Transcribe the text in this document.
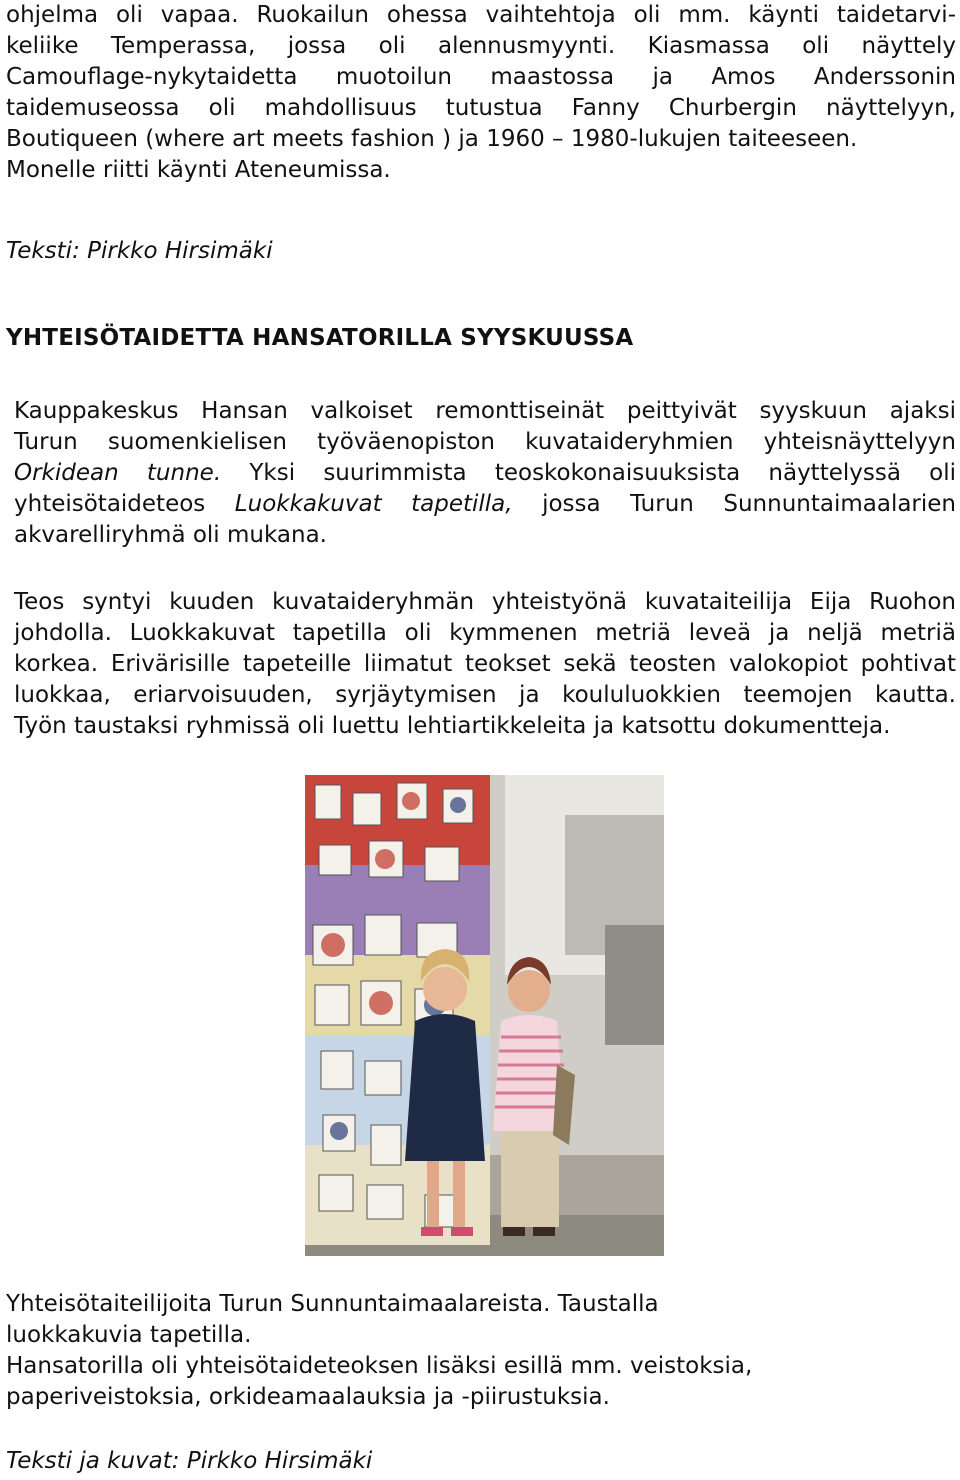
ohjelma oli vapaa. Ruokailun ohessa vaihtehtoja oli mm. käynti taidetarvi-
keliike Temperassa, jossa oli alennusmyynti. Kiasmassa oli näyttely
Camouflage-nykytaidetta muotoilun maastossa ja Amos Anderssonin
taidemuseossa oli mahdollisuus tutustua Fanny Churbergin näyttelyyn,
Boutiqueen (where art meets fashion ) ja 1960 – 1980-lukujen taiteeseen.
Monelle riitti käynti Ateneumissa.
Teksti: Pirkko Hirsimäki
YHTEISÖTAIDETTA HANSATORILLA SYYSKUUSSA
Kauppakeskus Hansan valkoiset remonttiseinät peittyivät syyskuun ajaksi
Turun suomenkielisen työväenopiston kuvataideryhmien yhteisnäyttelyyn
Orkidean tunne. Yksi suurimmista teoskokonaisuuksista näyttelyssä oli
yhteisötaideteos Luokkakuvat tapetilla, jossa Turun Sunnuntaimaalarien
akvarelliryhmä oli mukana.
Teos syntyi kuuden kuvataideryhmän yhteistyönä kuvataiteilija Eija Ruohon
johdolla. Luokkakuvat tapetilla oli kymmenen metriä leveä ja neljä metriä
korkea. Erivärisille tapeteille liimatut teokset sekä teosten valokopiot pohtivat
luokkaa, eriarvoisuuden, syrjäytymisen ja koululuokkien teemojen kautta.
Työn taustaksi ryhmissä oli luettu lehtiartikkeleita ja katsottu dokumentteja.
Yhteisötaiteilijoita Turun Sunnuntaimaalareista. Taustalla
luokkakuvia tapetilla.
Hansatorilla oli yhteisötaideteoksen lisäksi esillä mm. veistoksia,
paperiveistoksia, orkideamaalauksia ja -piirustuksia.
Teksti ja kuvat: Pirkko Hirsimäki
